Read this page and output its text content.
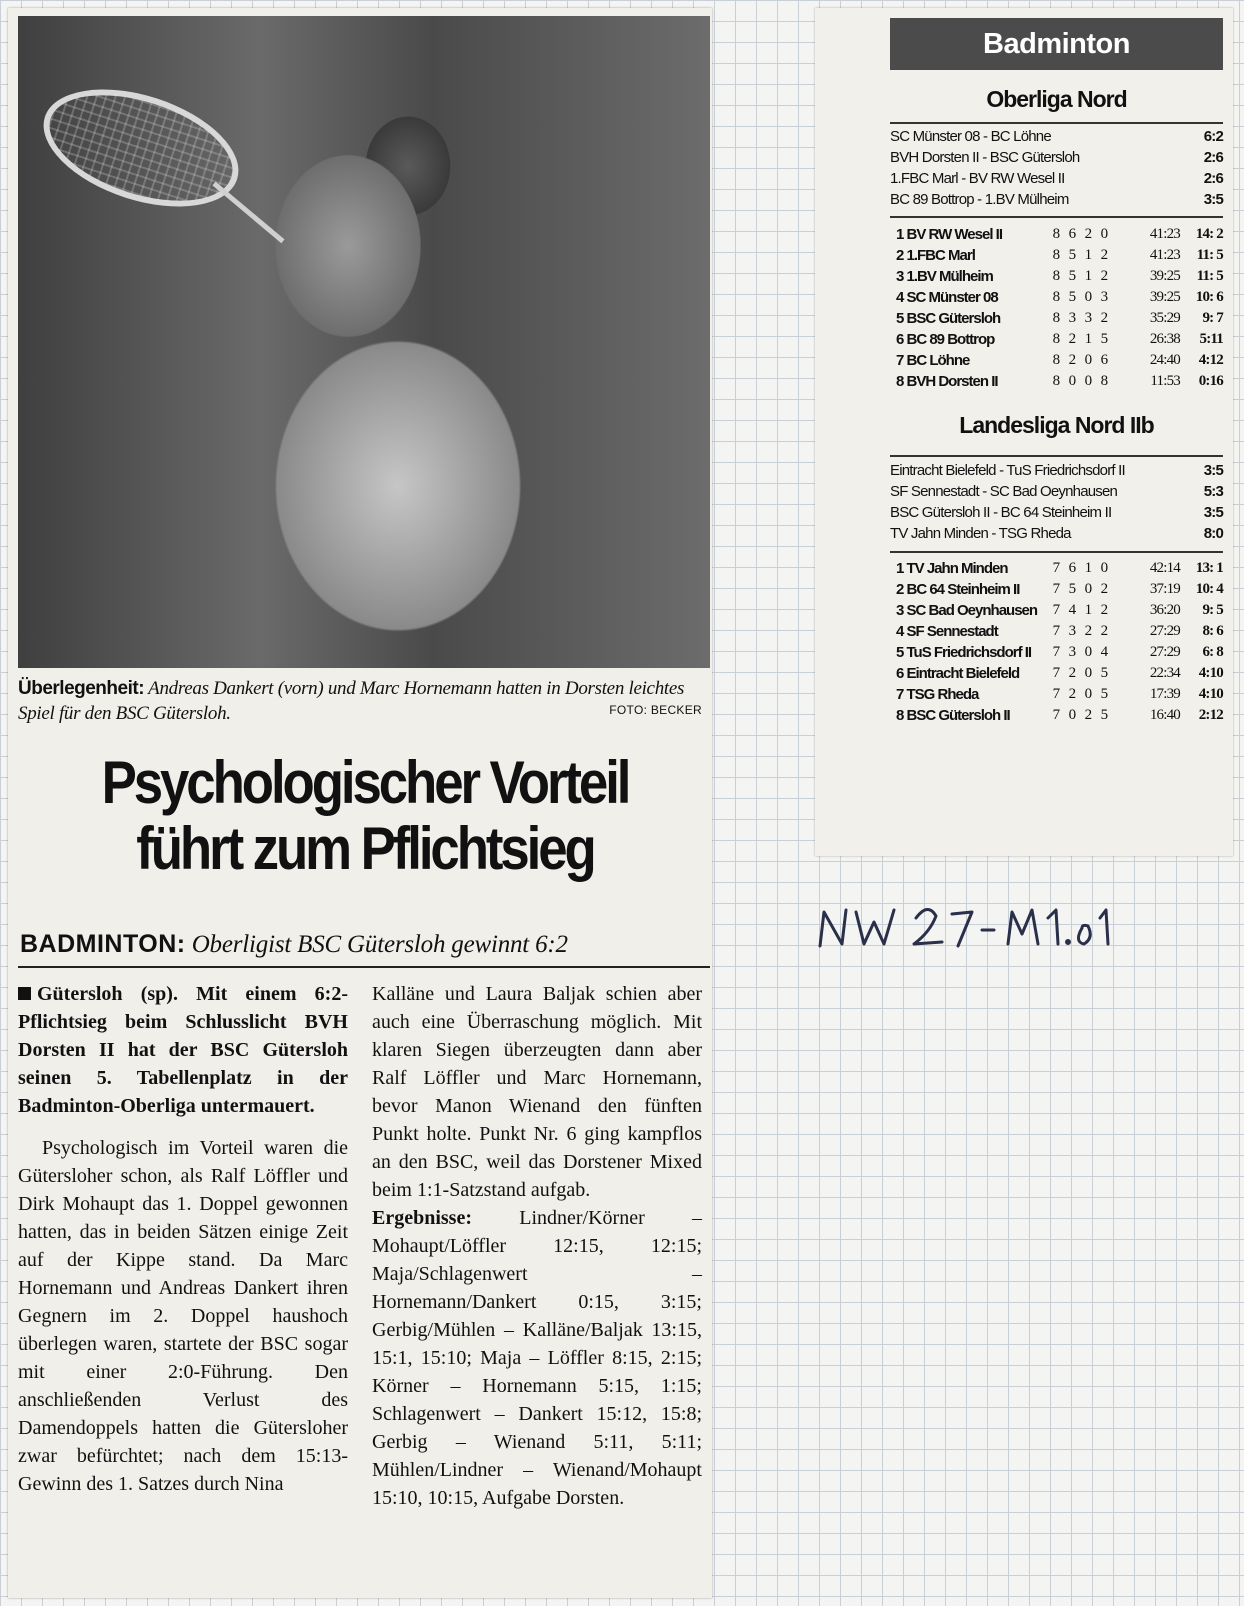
Überlegenheit: Andreas Dankert (vorn) und Marc Hornemann hatten in Dorsten leichtes Spiel für den BSC Gütersloh.	FOTO: BECKER
Psychologischer Vorteil
führt zum Pflichtsieg
BADMINTON: Oberligist BSC Gütersloh gewinnt 6:2

Gütersloh (sp). Mit einem 6:2-Pflichtsieg beim Schlusslicht BVH Dorsten II hat der BSC Gütersloh seinen 5. Tabellenplatz in der Badminton-Oberliga untermauert.

Psychologisch im Vorteil waren die Gütersloher schon, als Ralf Löffler und Dirk Mohaupt das 1. Doppel gewonnen hatten, das in beiden Sätzen einige Zeit auf der Kippe stand. Da Marc Hornemann und Andreas Dankert ihren Gegnern im 2. Doppel haushoch überlegen waren, startete der BSC sogar mit einer 2:0-Führung. Den anschließenden Verlust des Damendoppels hatten die Gütersloher zwar befürchtet; nach dem 15:13-Gewinn des 1. Satzes durch Nina

Kalläne und Laura Baljak schien aber auch eine Überraschung möglich. Mit klaren Siegen überzeugten dann aber Ralf Löffler und Marc Hornemann, bevor Manon Wienand den fünften Punkt holte. Punkt Nr. 6 ging kampflos an den BSC, weil das Dorstener Mixed beim 1:1-Satzstand aufgab.

Ergebnisse: Lindner/Körner – Mohaupt/Löffler 12:15, 12:15; Maja/Schlagenwert – Hornemann/Dankert 0:15, 3:15; Gerbig/Mühlen – Kalläne/Baljak 13:15, 15:1, 15:10; Maja – Löffler 8:15, 2:15; Körner – Hornemann 5:15, 1:15; Schlagenwert – Dankert 15:12, 15:8; Gerbig – Wienand 5:11, 5:11; Mühlen/Lindner – Wienand/Mohaupt 15:10, 10:15, Aufgabe Dorsten.

Badminton
Oberliga Nord
SC Münster 08 - BC Löhne	6:2
BVH Dorsten II - BSC Gütersloh	2:6
1.FBC Marl - BV RW Wesel II	2:6
BC 89 Bottrop - 1.BV Mülheim	3:5
1 BV RW Wesel II	8 6 2 0	41:23	14: 2
2 1.FBC Marl	8 5 1 2	41:23	11: 5
3 1.BV Mülheim	8 5 1 2	39:25	11: 5
4 SC Münster 08	8 5 0 3	39:25	10: 6
5 BSC Gütersloh	8 3 3 2	35:29	9: 7
6 BC 89 Bottrop	8 2 1 5	26:38	5:11
7 BC Löhne	8 2 0 6	24:40	4:12
8 BVH Dorsten II	8 0 0 8	11:53	0:16
Landesliga Nord IIb
Eintracht Bielefeld - TuS Friedrichsdorf II	3:5
SF Sennestadt - SC Bad Oeynhausen	5:3
BSC Gütersloh II - BC 64 Steinheim II	3:5
TV Jahn Minden - TSG Rheda	8:0
1 TV Jahn Minden	7 6 1 0	42:14	13: 1
2 BC 64 Steinheim II	7 5 0 2	37:19	10: 4
3 SC Bad Oeynhausen	7 4 1 2	36:20	9: 5
4 SF Sennestadt	7 3 2 2	27:29	8: 6
5 TuS Friedrichsdorf II	7 3 0 4	27:29	6: 8
6 Eintracht Bielefeld	7 2 0 5	22:34	4:10
7 TSG Rheda	7 2 0 5	17:39	4:10
8 BSC Gütersloh II	7 0 2 5	16:40	2:12
